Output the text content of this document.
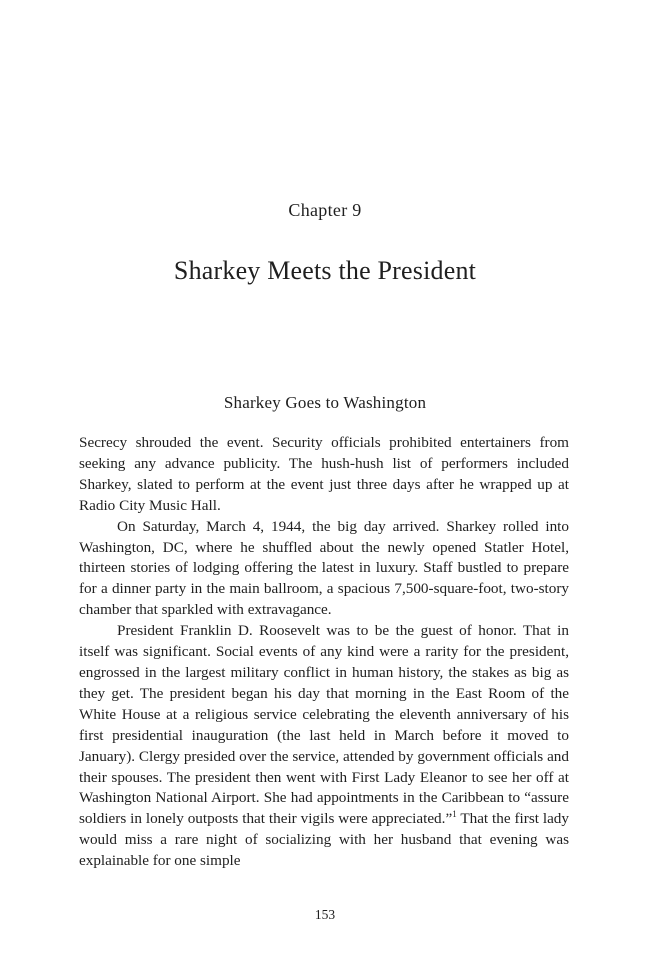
Chapter 9
Sharkey Meets the President
Sharkey Goes to Washington

Secrecy shrouded the event. Security officials prohibited entertainers from seeking any advance publicity. The hush-hush list of performers included Sharkey, slated to perform at the event just three days after he wrapped up at Radio City Music Hall.

On Saturday, March 4, 1944, the big day arrived. Sharkey rolled into Washington, DC, where he shuffled about the newly opened Statler Hotel, thirteen stories of lodging offering the latest in luxury. Staff bustled to prepare for a dinner party in the main ballroom, a spacious 7,500-square-foot, two-story chamber that sparkled with extravagance.

President Franklin D. Roosevelt was to be the guest of honor. That in itself was significant. Social events of any kind were a rarity for the president, engrossed in the largest military conflict in human history, the stakes as big as they get. The president began his day that morning in the East Room of the White House at a religious service celebrating the eleventh anniversary of his first presidential inauguration (the last held in March before it moved to January). Clergy presided over the service, attended by government officials and their spouses. The president then went with First Lady Eleanor to see her off at Washington National Airport. She had appointments in the Caribbean to “assure soldiers in lonely outposts that their vigils were appreciated.”$^1$ That the first lady would miss a rare night of socializing with her husband that evening was explainable for one simple

153
